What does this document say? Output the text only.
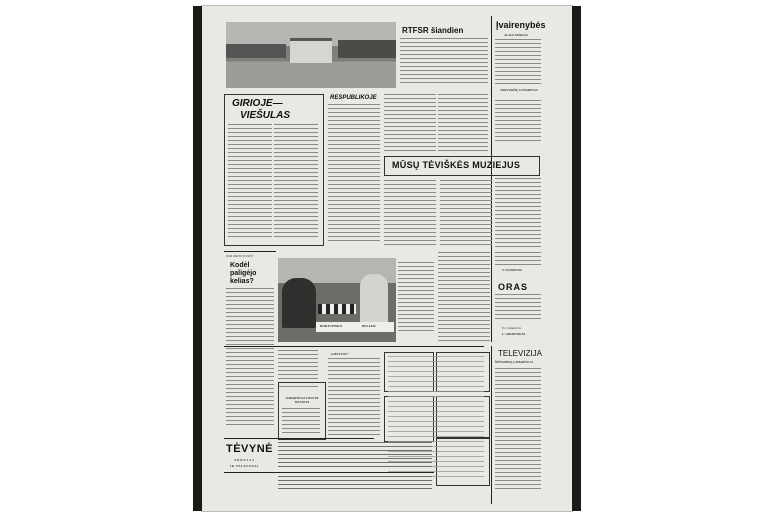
RTFSR šiandien
Įvairenybės
ALAUS MOKSAS
SKRUZDŽIŲ CONGRESAS
GIRIOJE—
VIEŠULAS
RESPUBLIKOJE
MŪSŲ TĖVIŠKĖS MUZIEJUS
KUR VAKTO SUDUS?
Kodėl paligėjo kelias?
BORTCHNKO	BELLER
V. STANIENAS
ORAS
Vyr. redaktorius
L. GRUBINSKAS
DABARTINAI VISUS IR MYNIOTA
„LIETUVOS“	TELEVIZIJA
ŠEŠTADIENĮ, LAPKRIČIO 24
TĖVYNĖ
ADRESAS
IR TELEFONAI
